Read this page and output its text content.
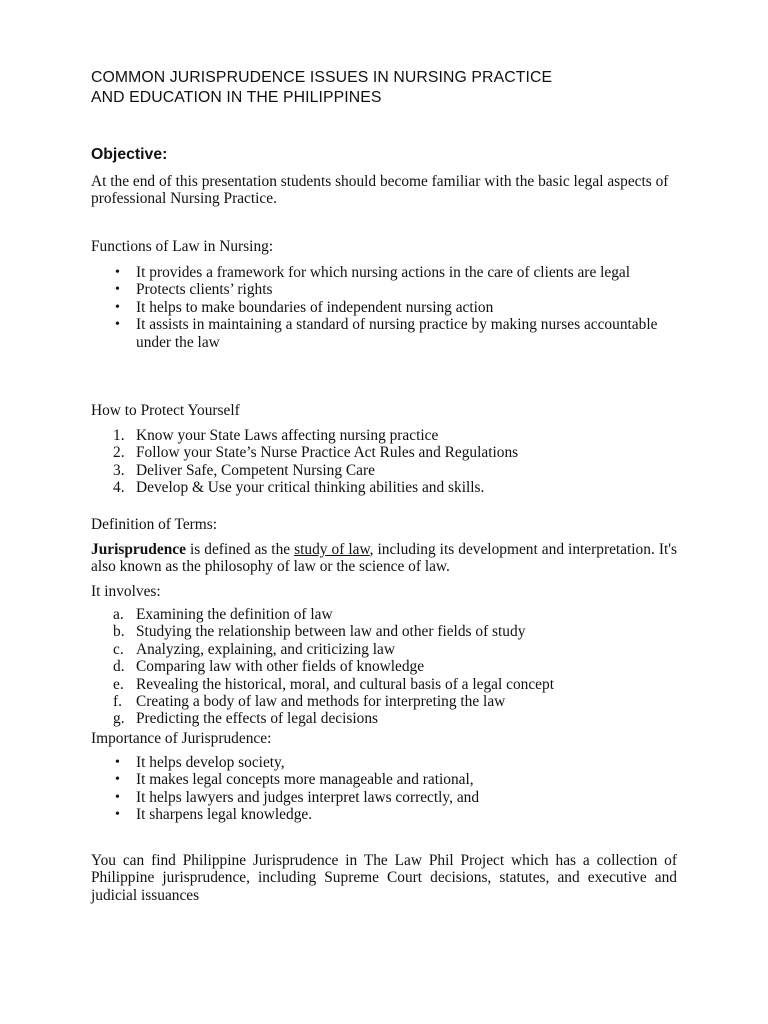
COMMON JURISPRUDENCE ISSUES IN NURSING PRACTICE
AND EDUCATION IN THE PHILIPPINES
Objective:

At the end of this presentation students should become familiar with the basic legal aspects of professional Nursing Practice.

Functions of Law in Nursing:

• It provides a framework for which nursing actions in the care of clients are legal
• Protects clients’ rights
• It helps to make boundaries of independent nursing action
• It assists in maintaining a standard of nursing practice by making nurses accountable under the law

How to Protect Yourself

1. Know your State Laws affecting nursing practice
2. Follow your State’s Nurse Practice Act Rules and Regulations
3. Deliver Safe, Competent Nursing Care
4. Develop & Use your critical thinking abilities and skills.

Definition of Terms:

Jurisprudence is defined as the study of law, including its development and interpretation. It's also known as the philosophy of law or the science of law.

It involves:

a. Examining the definition of law
b. Studying the relationship between law and other fields of study
c. Analyzing, explaining, and criticizing law
d. Comparing law with other fields of knowledge
e. Revealing the historical, moral, and cultural basis of a legal concept
f. Creating a body of law and methods for interpreting the law
g. Predicting the effects of legal decisions

Importance of Jurisprudence:

• It helps develop society,
• It makes legal concepts more manageable and rational,
• It helps lawyers and judges interpret laws correctly, and
• It sharpens legal knowledge.

You can find Philippine Jurisprudence in The Law Phil Project which has a collection of Philippine jurisprudence, including Supreme Court decisions, statutes, and executive and judicial issuances
